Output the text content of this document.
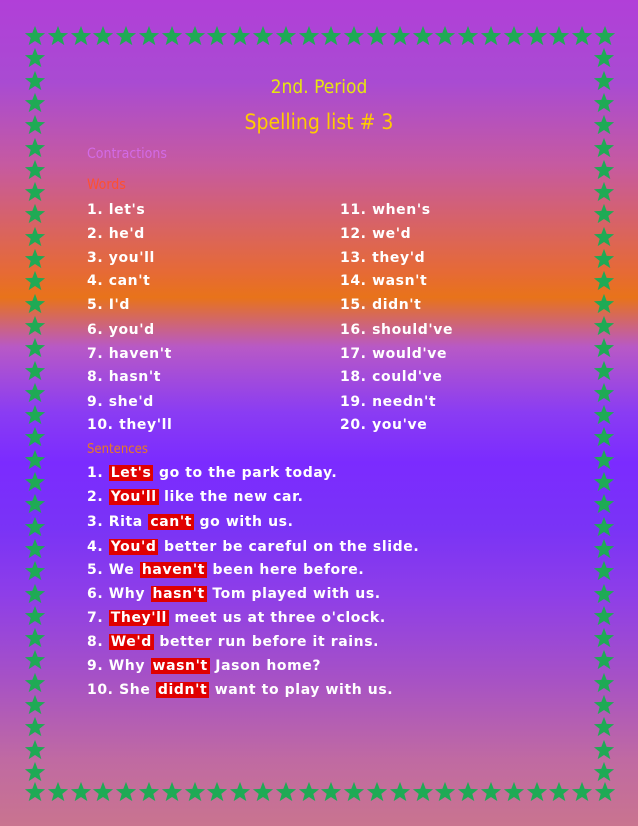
2nd. Period
Spelling list # 3
Contractions
Words
1. let's
2. he'd
3. you'll
4. can't
5. I'd
6. you'd
7. haven't
8. hasn't
9. she'd
10. they'll
11. when's
12. we'd
13. they'd
14. wasn't
15. didn't
16. should've
17. would've
18. could've
19. needn't
20. you've
Sentences
1. Let's go to the park today.
2. You'll like the new car.
3. Rita can't go with us.
4. You'd better be careful on the slide.
5. We haven't been here before.
6. Why hasn't Tom played with us.
7. They'll meet us at three o'clock.
8. We'd better run before it rains.
9. Why wasn't Jason home?
10. She didn't want to play with us.
